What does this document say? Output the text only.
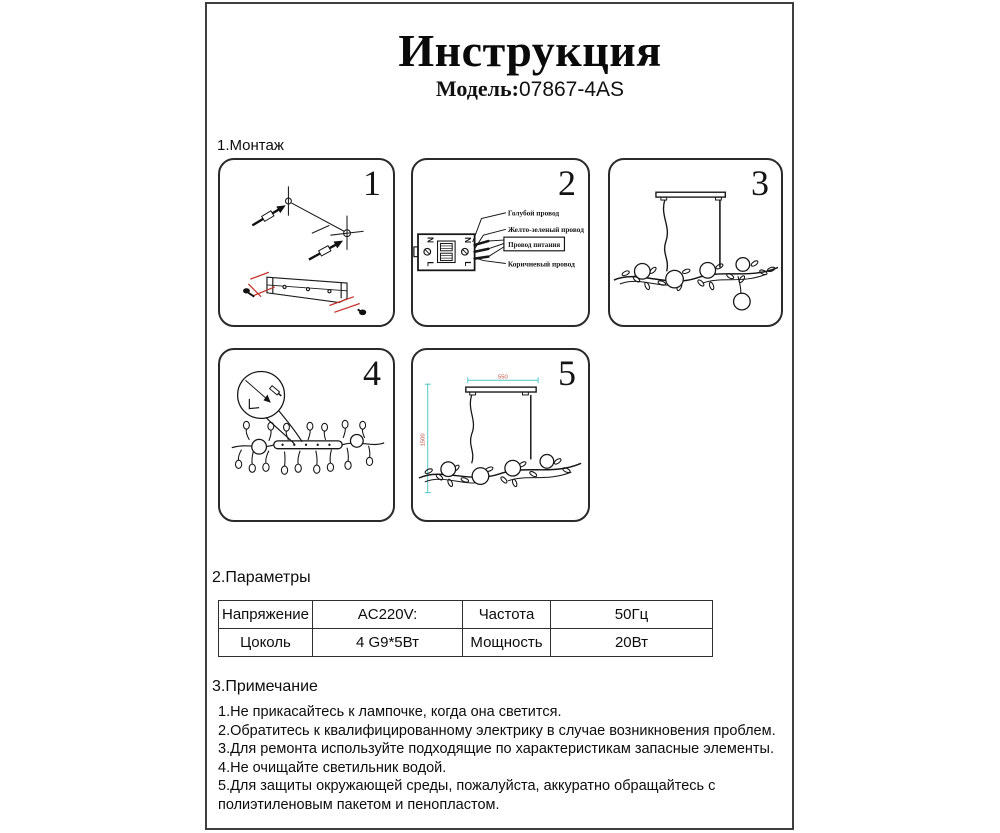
Инструкция
Модель:07867-4AS
1.Монтаж
1	2
N
L
N
L
Голубой провод
Желто-зеленый провод
Провод питания
Коричневый провод
3
4	5
550
1500
2.Параметры
Напряжение	AC220V:	Частота	50Гц
Цоколь	4 G9*5Вт	Мощность	20Вт
3.Примечание
1.Не прикасайтесь к лампочке, когда она светится.
2.Обратитесь к квалифицированному электрику в случае возникновения проблем.
3.Для ремонта используйте подходящие по характеристикам запасные элементы.
4.Не очищайте светильник водой.
5.Для защиты окружающей среды, пожалуйста, аккуратно обращайтесь с полиэтиленовым пакетом и пенопластом.
